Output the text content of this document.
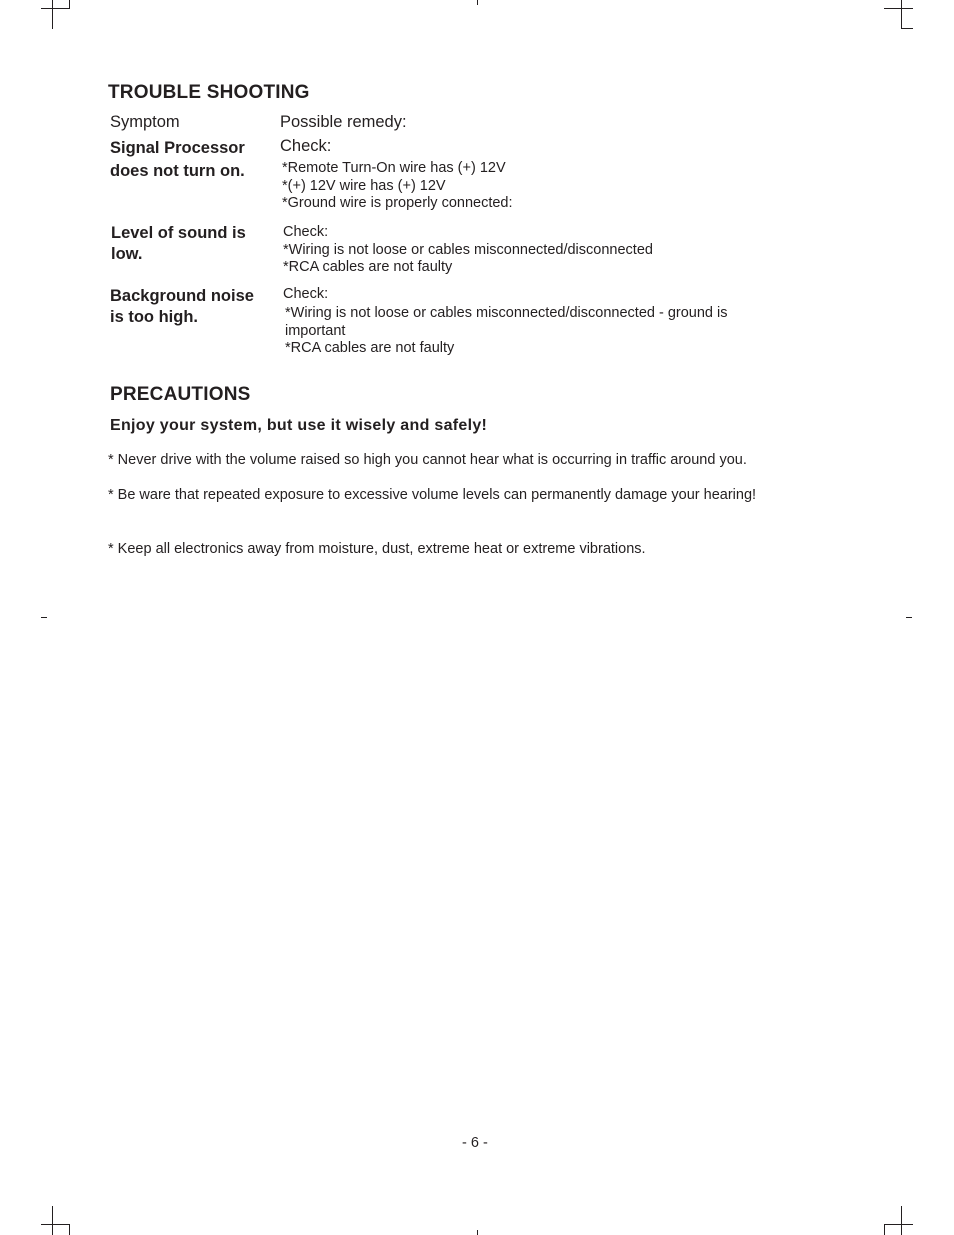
TROUBLE SHOOTING
Symptom	Possible remedy:
Signal Processor
does not turn on.
Check:
*Remote Turn-On wire has (+) 12V
*(+) 12V wire has (+) 12V
*Ground wire is properly connected:
Level of sound is
low.
Check:
*Wiring is not loose or cables misconnected/disconnected
*RCA cables are not faulty
Background noise
is too high.
Check:
*Wiring is not loose or cables misconnected/disconnected - ground is
important
*RCA cables are not faulty
PRECAUTIONS
Enjoy your system, but use it wisely and safely!
* Never drive with the volume raised so high you cannot hear what is occurring in traffic around you.
* Be ware that repeated exposure to excessive volume levels can permanently damage your hearing!
* Keep all electronics away from moisture, dust, extreme heat or extreme vibrations.
- 6 -
